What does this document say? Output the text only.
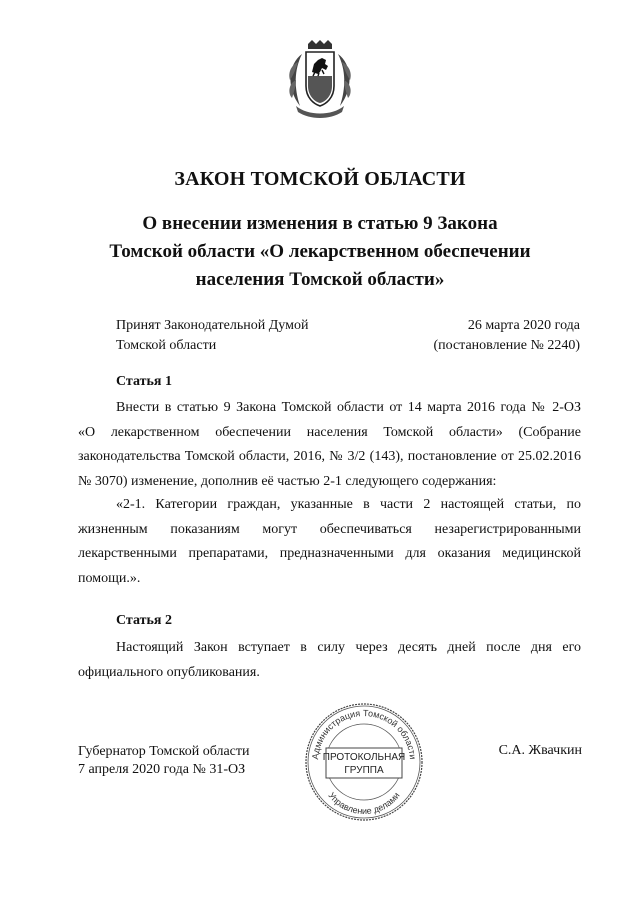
ЗАКОН ТОМСКОЙ ОБЛАСТИ
О внесении изменения в статью 9 Закона
Томской области «О лекарственном обеспечении
населения Томской области»
Принят Законодательной Думой
Томской области
26 марта 2020 года
(постановление № 2240)
Статья 1
Внести в статью 9 Закона Томской области от 14 марта 2016 года № 2-ОЗ
«О лекарственном обеспечении населения Томской области» (Собрание
законодательства Томской области, 2016, № 3/2 (143), постановление от 25.02.2016
№ 3070) изменение, дополнив её частью 2-1 следующего содержания:
«2-1. Категории граждан, указанные в части 2 настоящей статьи, по
жизненным показаниям могут обеспечиваться незарегистрированными
лекарственными препаратами, предназначенными для оказания медицинской
помощи.».
Статья 2
Настоящий Закон вступает в силу через десять дней после дня его
официального опубликования.
Губернатор Томской области
7 апреля 2020 года № 31-ОЗ
С.А. Жвачкин
Администрация Томской области
Управление делами
ПРОТОКОЛЬНАЯ
ГРУППА
